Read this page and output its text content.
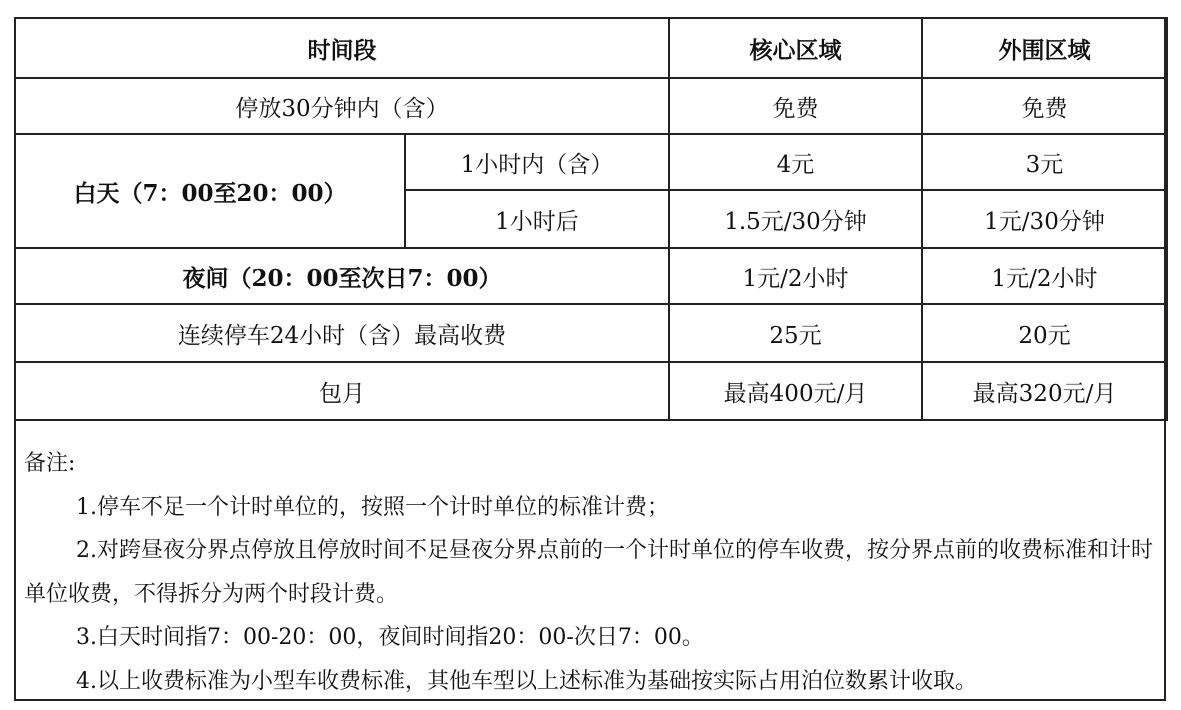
时间段		核心区域	外围区域
停放30分钟内（含）		免费	免费
白天（7：00至20：00）	1小时内（含）	4元	3元
	1小时后	1.5元/30分钟	1元/30分钟
夜间（20：00至次日7：00）		1元/2小时	1元/2小时
连续停车24小时（含）最高收费		25元	20元
包月		最高400元/月	最高320元/月
备注:
1.停车不足一个计时单位的，按照一个计时单位的标准计费；
2.对跨昼夜分界点停放且停放时间不足昼夜分界点前的一个计时单位的停车收费，按分界点前的收费标准和计时单位收费，不得拆分为两个时段计费。
3.白天时间指7：00-20：00，夜间时间指20：00-次日7：00。
4.以上收费标准为小型车收费标准，其他车型以上述标准为基础按实际占用泊位数累计收取。
